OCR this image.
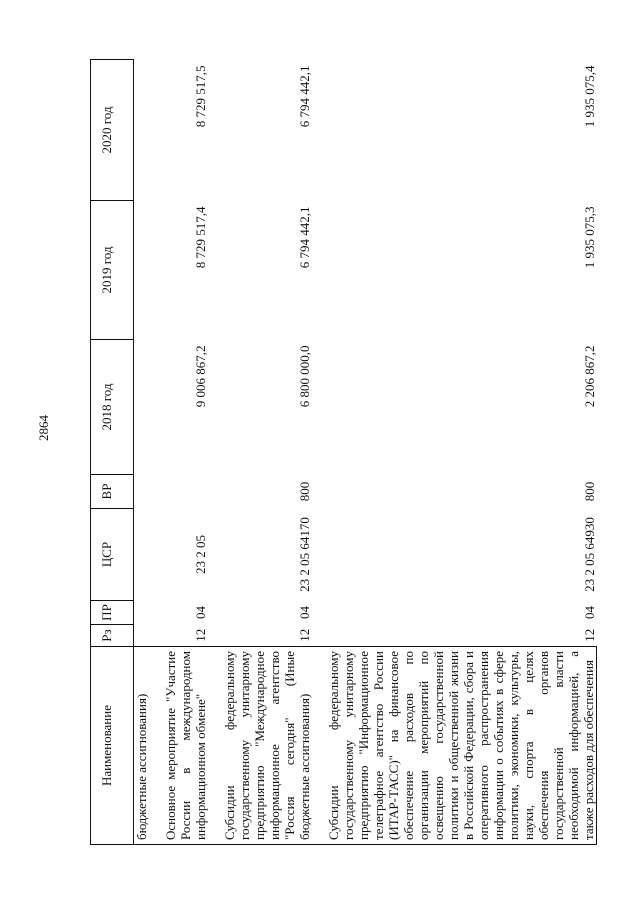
2864
Наименование	Рз	ПР	ЦСР	ВР	2018 год	2019 год	2020 год
бюджетные ассигнования)							

Основное мероприятие "Участие России в международном информационном обмене"	12	04	23 2 05		9 006 867,2	8 729 517,4	8 729 517,5

Субсидии федеральному государственному унитарному предприятию "Международное информационное агентство "Россия сегодня" (Иные бюджетные ассигнования)	12	04	23 2 05 64170	800	6 800 000,0	6 794 442,1	6 794 442,1

Субсидии федеральному государственному унитарному предприятию "Информационное телеграфное агентство России (ИТАР-ТАСС)" на финансовое обеспечение расходов по организации мероприятий по освещению государственной политики и общественной жизни в Российской Федерации, сбора и оперативного распространения информации о событиях в сфере политики, экономики, культуры, науки, спорта в целях обеспечения органов государственной власти необходимой информацией, а также расходов для обеспечения	12	04	23 2 05 64930	800	2 206 867,2	1 935 075,3	1 935 075,4
